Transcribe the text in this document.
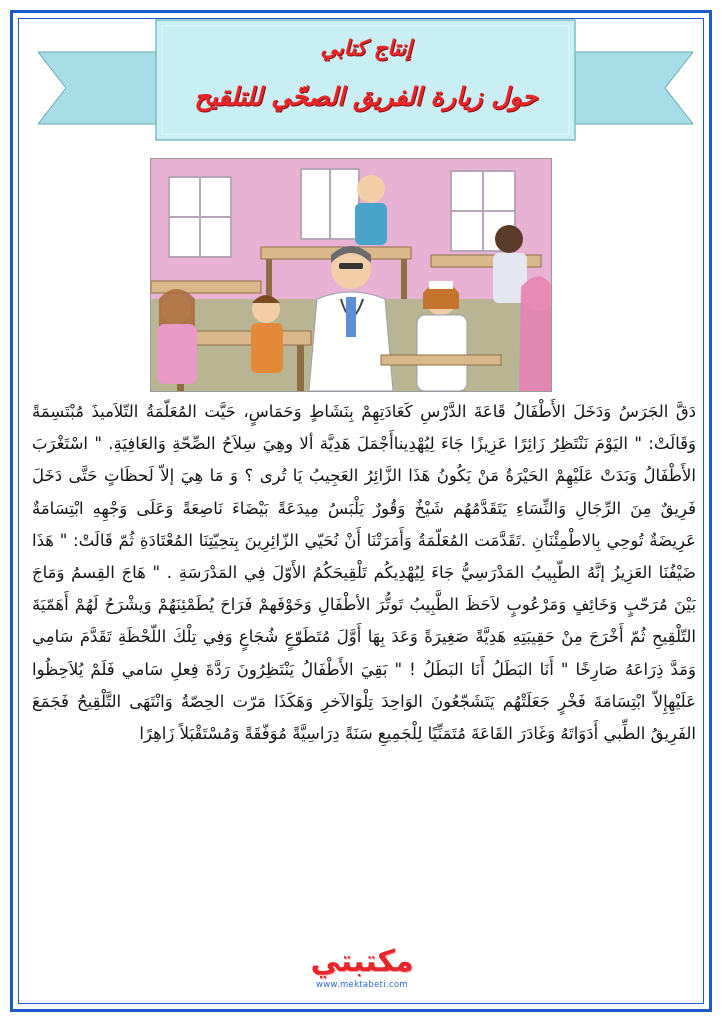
إنتاج كتابي
حول زيارة الفريق الصحّي للتلقيح
دَقَّ الجَرَسُ وَدَخَلَ الأَطْفَالُ قَاعَةَ الدَّرْسِ كَعَادَتِهِمْ بِنَشَاطٍ وَحَمَاسٍ، حَيَّت المُعَلّمَةُ التّلاَميذَ مُبْتَسِمَةً وَقَالَتْ: " اليَوْمَ نَنْتَظِرُ زَائِرًا عَزِيزًا جَاءَ لِيُهْدِيناأَجْمَلَ هَدِيَّة ألا وهِيَ سِلاَحُ الصِّحّةِ وَالعَافِيَةِ. " اسْتَغْرَبَ الأَطْفَالُ وَبَدَتْ عَلَيْهِمْ الحَيْرَةُ مَنْ يَكُونُ هَذَا الزَّائِرُ العَجِيبُ يَا تُرى ؟ وَ مَا هِيَ إلاّ لَحظَاتٍ حَتَّى دَخَلَ فَرِيقٌ مِنَ الرِّجَالِ وَالنِّسَاءِ يَتَقَدَّمُهُم شَيْخٌ وَقُورٌ يَلْبَسُ مِيدَعَةً بَيْضَاءَ نَاصِعَةً وَعَلَى وَجْهِهِ ابْتِسَامَةٌ عَرِيضَةٌ تُوحِي بِالاطْمِئْنَانِ .تَقَدَّمَت المُعَلّمَةُ وَأَمَرَتْنَا أَنْ نُحَيّي الزّائِرِينَ بِتحِيّتِنَا المُعْتَادَةِ ثُمّ قَالَتْ: " هَذَا ضَيْفُنَا العَزِيزُ إنَّهُ الطّبِيبُ المَدْرَسِيُّ جَاءَ لِيُهْدِيكُم تَلْقِيحَكُمُ الأَوّلَ فِي المَدْرَسَةِ . " هَاجَ القِسمُ وَمَاجَ بَيْنَ مُرَحّبٍ وَخَائِفٍ وَمَرْعُوبٍ لاَحَظَ الطَّبِيبُ تَوتُّرَ الأطْفَالِ وَخَوْفَهمْ فَرَاحَ يُطَمْئِنَهُمْ وَيشْرَحُ لَهُمْ أَهَمّيَةَ التّلْقِيحِ ثُمّ أَخْرَجَ مِنْ حَقِيبَتِهِ هَدِيَّةً صَغِيرَةً وَعَدَ بِهَا أَوَّلَ مُتَطَوّعٍ شُجَاعٍ وَفِي تِلْكَ اللّحْظَةِ تَقَدَّمَ سَامِي وَمَدَّ ذِرَاعَهُ صَارِخًا " أَنَا البَطَلُ أَنَا البَطَلُ ! " بَقِيَ الأَطْفَالُ يَنْتَظِرُونَ رَدَّةَ فِعلِ سَامي فَلَمْ يُلاَحِظُوا عَلَيْهِإِلاّ ابْتِسَامَةَ فَخْرٍ جَعَلَتْهُم يَتَشَجّعُونَ الوَاحِدَ تِلْوَالآخرِ وَهَكَذَا مَرّت الحِصّةُ وَانْتَهَى التَّلْقِيحُ فَجَمَعَ الفَرِيقُ الطِّبي أَدَوَاتَهُ وَغَادَرَ القَاعَةَ مُتَمَنِّيًا لِلْجَمِيعِ سَنَةً دِرَاسِيَّةً مُوَفّقَةً وَمُسْتَقْبَلاً زَاهِرًا
مكتبتي
www.mektabeti.com
